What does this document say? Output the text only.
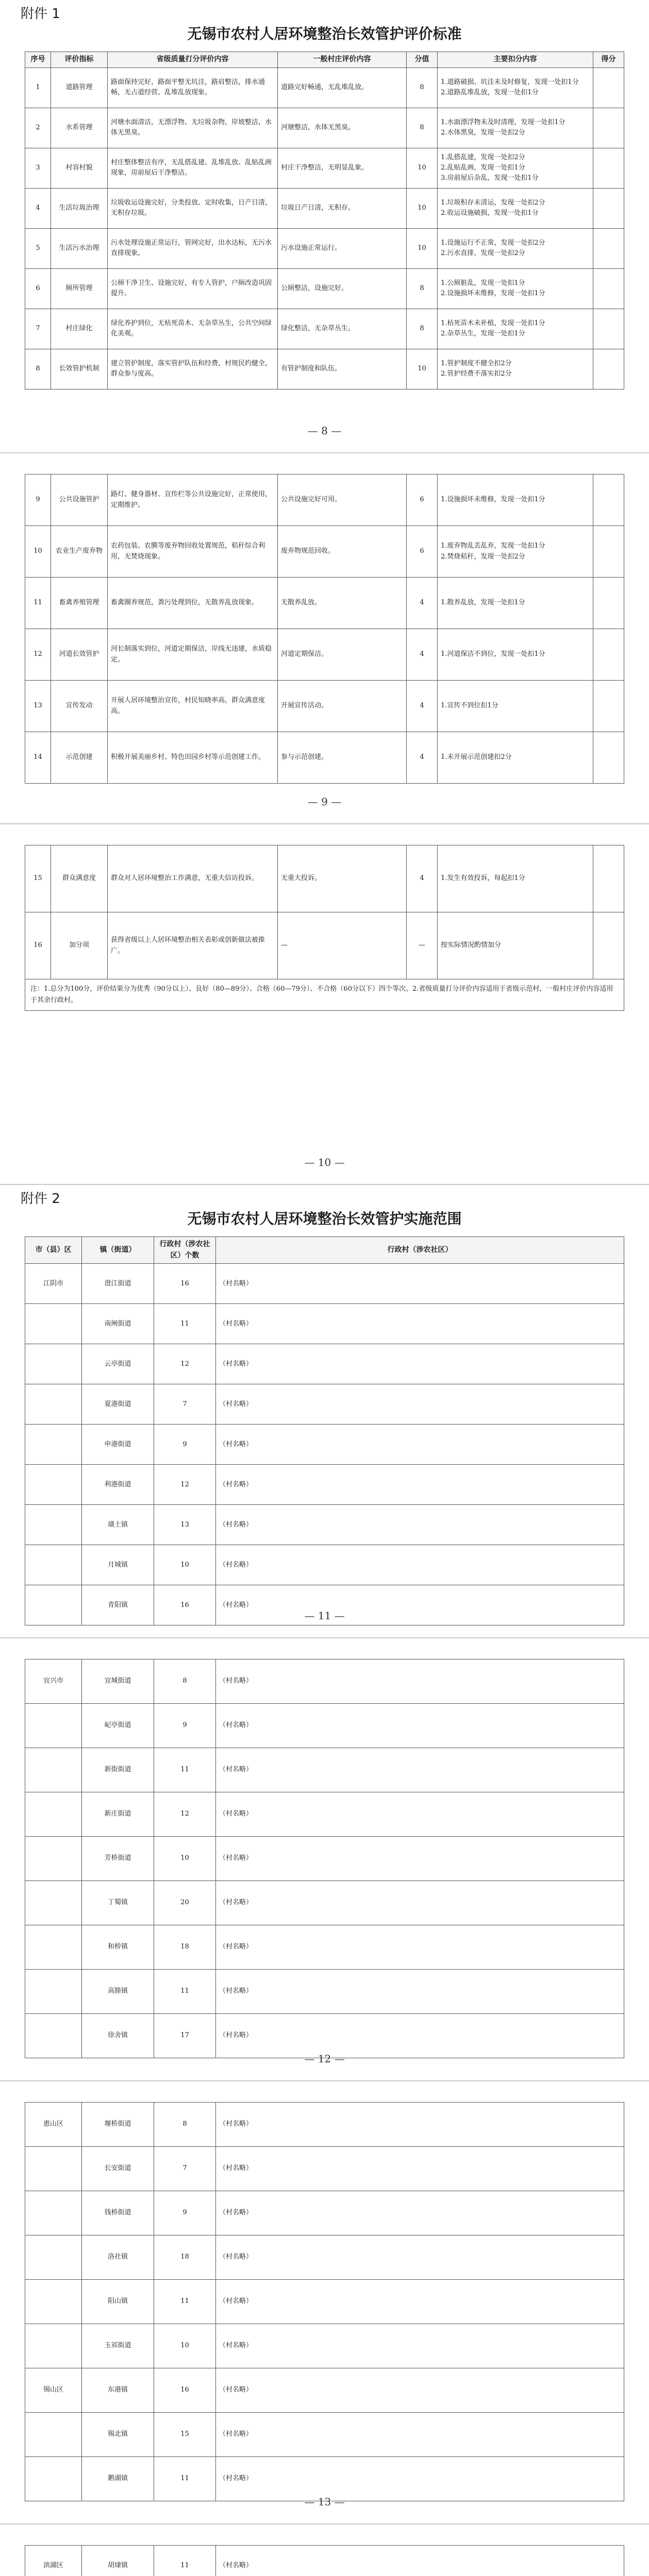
附件 1
无锡市农村人居环境整治长效管护评价标准
序号	评价指标	省级质量打分评价内容	一般村庄评价内容	分值	主要扣分内容	得分
1	道路管理	路面保持完好，路面平整无坑洼，路肩整洁，排水通畅，无占道经营、乱堆乱放现象。	道路完好畅通，无乱堆乱放。	8	1.道路破损、坑洼未及时修复，发现一处扣1分
2.道路乱堆乱放，发现一处扣1分	
2	水系管理	河塘水面清洁，无漂浮物、无垃圾杂物，岸坡整洁，水体无黑臭。	河塘整洁，水体无黑臭。	8	1.水面漂浮物未及时清理，发现一处扣1分
2.水体黑臭，发现一处扣2分	
3	村容村貌	村庄整体整洁有序，无乱搭乱建、乱堆乱放、乱贴乱画现象，房前屋后干净整洁。	村庄干净整洁，无明显乱象。	10	1.乱搭乱建，发现一处扣2分
2.乱贴乱画，发现一处扣1分
3.房前屋后杂乱，发现一处扣1分	
4	生活垃圾治理	垃圾收运设施完好，分类投放、定时收集，日产日清，无积存垃圾。	垃圾日产日清，无积存。	10	1.垃圾积存未清运，发现一处扣2分
2.收运设施破损，发现一处扣1分	
5	生活污水治理	污水处理设施正常运行，管网完好，出水达标，无污水直排现象。	污水设施正常运行。	10	1.设施运行不正常，发现一处扣2分
2.污水直排，发现一处扣2分	
6	厕所管理	公厕干净卫生、设施完好，有专人管护，户厕改造巩固提升。	公厕整洁，设施完好。	8	1.公厕脏乱，发现一处扣1分
2.设施损坏未维修，发现一处扣1分	
7	村庄绿化	绿化养护到位，无枯死苗木、无杂草丛生，公共空间绿化美观。	绿化整洁，无杂草丛生。	8	1.枯死苗木未补植，发现一处扣1分
2.杂草丛生，发现一处扣1分	
8	长效管护机制	建立管护制度，落实管护队伍和经费，村规民约健全，群众参与度高。	有管护制度和队伍。	10	1.管护制度不健全扣2分
2.管护经费不落实扣2分	
— 8 —
9	公共设施管护	路灯、健身器材、宣传栏等公共设施完好，正常使用，定期维护。	公共设施完好可用。	6	1.设施损坏未维修，发现一处扣1分	
10	农业生产废弃物	农药包装、农膜等废弃物回收处置规范，秸秆综合利用，无焚烧现象。	废弃物规范回收。	6	1.废弃物乱丢乱弃，发现一处扣1分
2.焚烧秸秆，发现一处扣2分	
11	畜禽养殖管理	畜禽圈养规范，粪污处理到位，无散养乱放现象。	无散养乱放。	4	1.散养乱放，发现一处扣1分	
12	河道长效管护	河长制落实到位，河道定期保洁，岸线无违建，水质稳定。	河道定期保洁。	4	1.河道保洁不到位，发现一处扣1分	
13	宣传发动	开展人居环境整治宣传，村民知晓率高，群众满意度高。	开展宣传活动。	4	1.宣传不到位扣1分	
14	示范创建	积极开展美丽乡村、特色田园乡村等示范创建工作。	参与示范创建。	4	1.未开展示范创建扣2分	
— 9 —
15	群众满意度	群众对人居环境整治工作满意，无重大信访投诉。	无重大投诉。	4	1.发生有效投诉，每起扣1分	
16	加分项	获得省级以上人居环境整治相关表彰或创新做法被推广。	—	—	按实际情况酌情加分	
注：1.总分为100分，评价结果分为优秀（90分以上）、良好（80—89分）、合格（60—79分）、不合格（60分以下）四个等次。2.省级质量打分评价内容适用于省级示范村，一般村庄评价内容适用于其余行政村。						
— 10 —
附件 2
无锡市农村人居环境整治长效管护实施范围
市（县）区	镇（街道）	行政村（涉农社区）个数	行政村（涉农社区）
江阴市	澄江街道	16	（村名略）
	南闸街道	11	（村名略）
	云亭街道	12	（村名略）
	夏港街道	7	（村名略）
	申港街道	9	（村名略）
	利港街道	12	（村名略）
	璜土镇	13	（村名略）
	月城镇	10	（村名略）
	青阳镇	16	（村名略）
— 11 —
宜兴市	宜城街道	8	（村名略）
	屺亭街道	9	（村名略）
	新街街道	11	（村名略）
	新庄街道	12	（村名略）
	芳桥街道	10	（村名略）
	丁蜀镇	20	（村名略）
	和桥镇	18	（村名略）
	高塍镇	11	（村名略）
	徐舍镇	17	（村名略）
— 12 —
惠山区	堰桥街道	8	（村名略）
	长安街道	7	（村名略）
	钱桥街道	9	（村名略）
	洛社镇	18	（村名略）
	阳山镇	11	（村名略）
	玉祁街道	10	（村名略）
锡山区	东港镇	16	（村名略）
	锡北镇	15	（村名略）
	鹅湖镇	11	（村名略）
— 13 —
滨湖区	胡埭镇	11	（村名略）
